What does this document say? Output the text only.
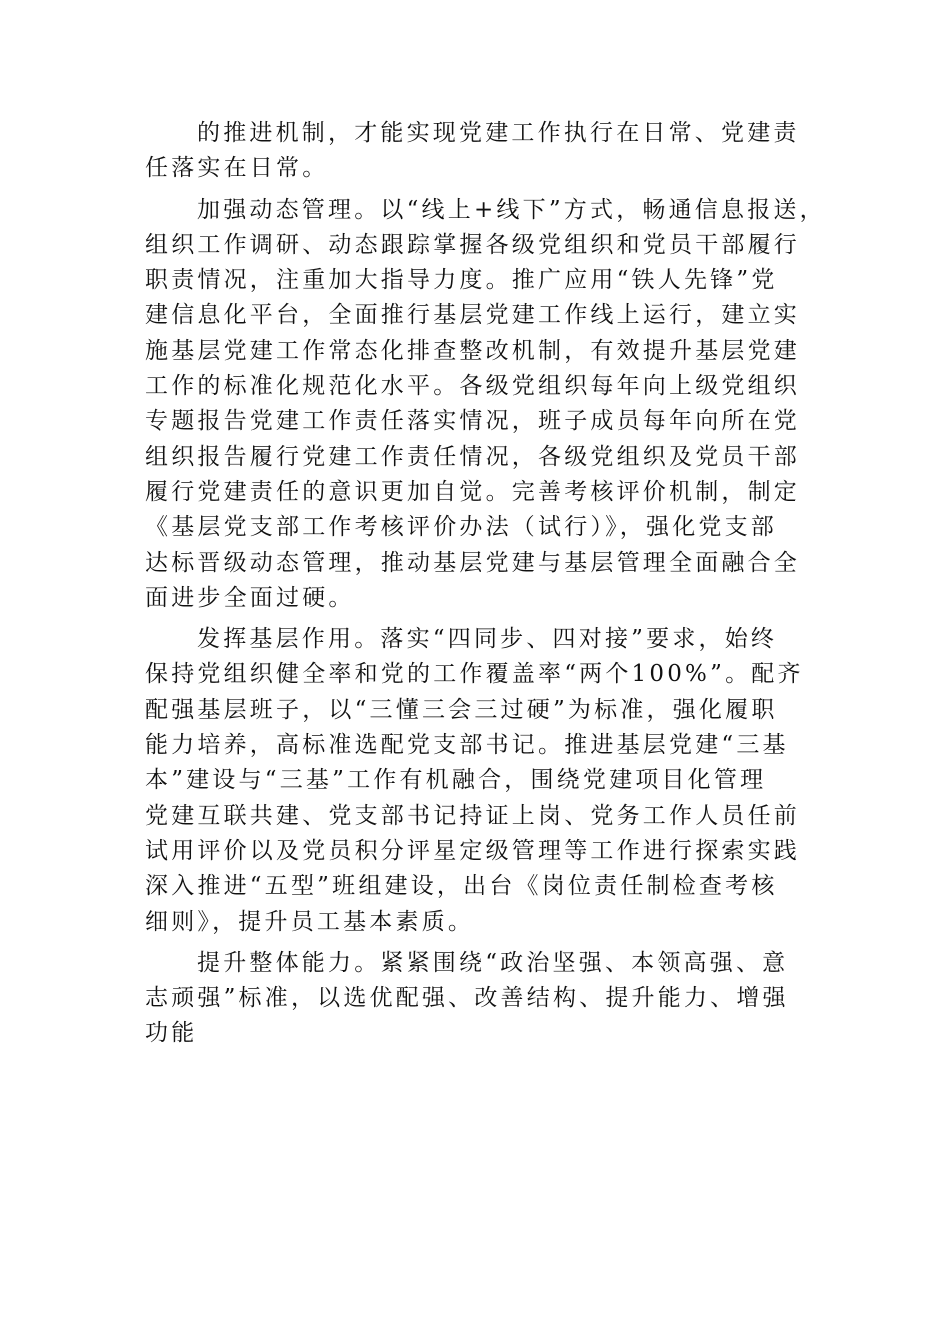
的推进机制，才能实现党建工作执行在日常、党建责
任落实在日常。
加强动态管理。以“线上+线下”方式，畅通信息报送，
组织工作调研、动态跟踪掌握各级党组织和党员干部履行
职责情况，注重加大指导力度。推广应用“铁人先锋”党
建信息化平台，全面推行基层党建工作线上运行，建立实
施基层党建工作常态化排查整改机制，有效提升基层党建
工作的标准化规范化水平。各级党组织每年向上级党组织
专题报告党建工作责任落实情况，班子成员每年向所在党
组织报告履行党建工作责任情况，各级党组织及党员干部
履行党建责任的意识更加自觉。完善考核评价机制，制定
《基层党支部工作考核评价办法（试行）》，强化党支部
达标晋级动态管理，推动基层党建与基层管理全面融合全
面进步全面过硬。
发挥基层作用。落实“四同步、四对接”要求，始终
保持党组织健全率和党的工作覆盖率“两个100%”。配齐
配强基层班子，以“三懂三会三过硬”为标准，强化履职
能力培养，高标准选配党支部书记。推进基层党建“三基
本”建设与“三基”工作有机融合，围绕党建项目化管理
党建互联共建、党支部书记持证上岗、党务工作人员任前
试用评价以及党员积分评星定级管理等工作进行探索实践
深入推进“五型”班组建设，出台《岗位责任制检查考核
细则》，提升员工基本素质。
提升整体能力。紧紧围绕“政治坚强、本领高强、意
志顽强”标准，以选优配强、改善结构、提升能力、增强
功能
